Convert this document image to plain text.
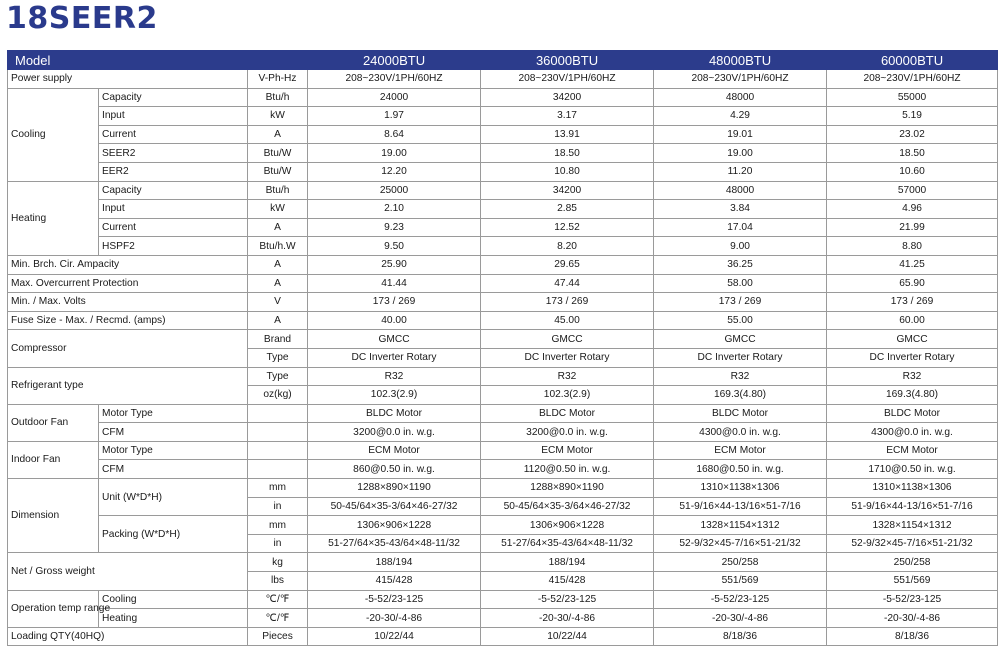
18SEER2
Model			24000BTU	36000BTU	48000BTU	60000BTU
Power supply		V-Ph-Hz	208~230V/1PH/60HZ	208~230V/1PH/60HZ	208~230V/1PH/60HZ	208~230V/1PH/60HZ
Cooling	Capacity	Btu/h	24000	34200	48000	55000
	Input	kW	1.97	3.17	4.29	5.19
	Current	A	8.64	13.91	19.01	23.02
	SEER2	Btu/W	19.00	18.50	19.00	18.50
	EER2	Btu/W	12.20	10.80	11.20	10.60
Heating	Capacity	Btu/h	25000	34200	48000	57000
	Input	kW	2.10	2.85	3.84	4.96
	Current	A	9.23	12.52	17.04	21.99
	HSPF2	Btu/h.W	9.50	8.20	9.00	8.80
Min. Brch. Cir. Ampacity		A	25.90	29.65	36.25	41.25
Max. Overcurrent Protection		A	41.44	47.44	58.00	65.90
Min. / Max. Volts		V	173 / 269	173 / 269	173 / 269	173 / 269
Fuse Size - Max. / Recmd. (amps)		A	40.00	45.00	55.00	60.00
Compressor		Brand	GMCC	GMCC	GMCC	GMCC
		Type	DC Inverter Rotary	DC Inverter Rotary	DC Inverter Rotary	DC Inverter Rotary
Refrigerant type		Type	R32	R32	R32	R32
		oz(kg)	102.3(2.9)	102.3(2.9)	169.3(4.80)	169.3(4.80)
Outdoor Fan	Motor Type		BLDC Motor	BLDC Motor	BLDC Motor	BLDC Motor
	CFM		3200@0.0 in. w.g.	3200@0.0 in. w.g.	4300@0.0 in. w.g.	4300@0.0 in. w.g.
Indoor Fan	Motor Type		ECM Motor	ECM Motor	ECM Motor	ECM Motor
	CFM		860@0.50 in. w.g.	1120@0.50 in. w.g.	1680@0.50 in. w.g.	1710@0.50 in. w.g.
Dimension	Unit (W*D*H)	mm	1288×890×1190	1288×890×1190	1310×1138×1306	1310×1138×1306
		in	50-45/64×35-3/64×46-27/32	50-45/64×35-3/64×46-27/32	51-9/16×44-13/16×51-7/16	51-9/16×44-13/16×51-7/16
	Packing (W*D*H)	mm	1306×906×1228	1306×906×1228	1328×1154×1312	1328×1154×1312
		in	51-27/64×35-43/64×48-11/32	51-27/64×35-43/64×48-11/32	52-9/32×45-7/16×51-21/32	52-9/32×45-7/16×51-21/32
Net / Gross weight		kg	188/194	188/194	250/258	250/258
		lbs	415/428	415/428	551/569	551/569
Operation temp range	Cooling	℃/℉	-5-52/23-125	-5-52/23-125	-5-52/23-125	-5-52/23-125
	Heating	℃/℉	-20-30/-4-86	-20-30/-4-86	-20-30/-4-86	-20-30/-4-86
Loading QTY(40HQ)		Pieces	10/22/44	10/22/44	8/18/36	8/18/36
